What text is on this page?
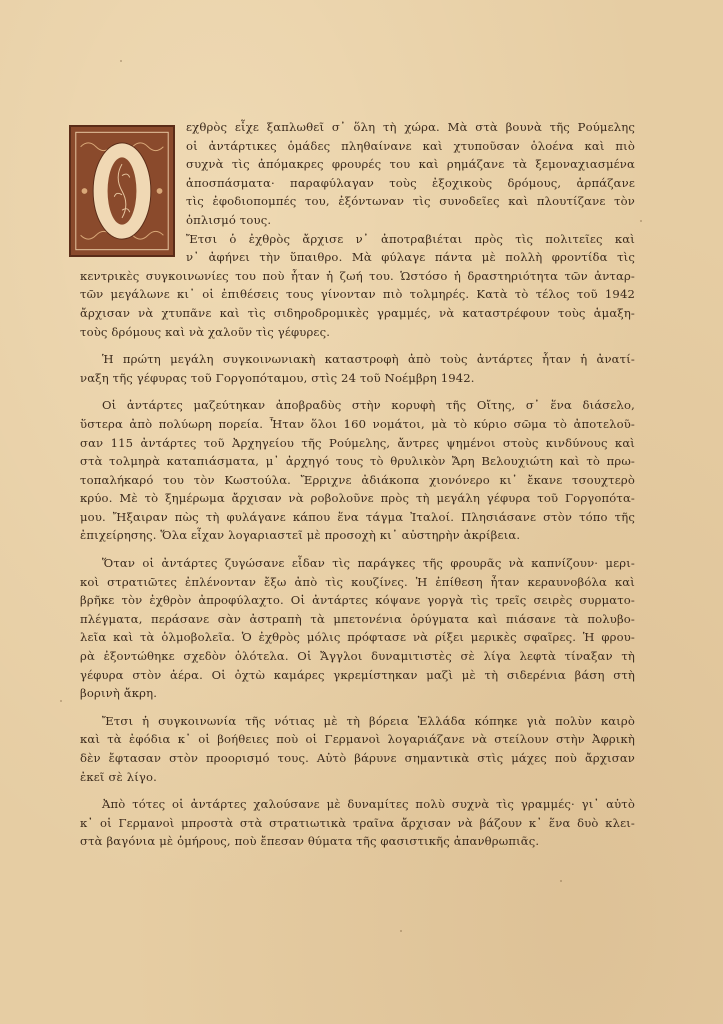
εχθρὸς εἶχε ξαπλωθεῖ σ᾽ ὅλη τὴ χώρα. Μὰ στὰ βουνὰ τῆς Ρούμελης
οἱ ἀντάρτικες ὁμάδες πληθαίνανε καὶ χτυποῦσαν ὁλοένα καὶ πιὸ
συχνὰ τὶς ἀπόμακρες φρουρές του καὶ ρημάζανε τὰ ξεμοναχιασμένα
ἀποσπάσματα· παραφύλαγαν τοὺς ἐξοχικοὺς δρόμους, ἁρπάζανε
τὶς ἐφοδιοπομπές του, ἐξόντωναν τὶς συνοδεῖες καὶ πλουτίζανε τὸν
ὁπλισμό τους.
Ἔτσι ὁ ἐχθρὸς ἄρχισε ν᾽ ἀποτραβιέται πρὸς τὶς πολιτεῖες καὶ
ν᾽ ἀφήνει τὴν ὕπαιθρο. Μὰ φύλαγε πάντα μὲ πολλὴ φροντίδα τὶς
κεντρικὲς συγκοινωνίες του ποὺ ἦταν ἡ ζωή του. Ὡστόσο ἡ δραστηριότητα τῶν ἀνταρ-
τῶν μεγάλωνε κι᾽ οἱ ἐπιθέσεις τους γίνονταν πιὸ τολμηρές. Κατὰ τὸ τέλος τοῦ 1942
ἄρχισαν νὰ χτυπᾶνε καὶ τὶς σιδηροδρομικὲς γραμμές, νὰ καταστρέφουν τοὺς ἁμαξη-
τοὺς δρόμους καὶ νὰ χαλοῦν τὶς γέφυρες.
Ἡ πρώτη μεγάλη συγκοινωνιακὴ καταστροφὴ ἀπὸ τοὺς ἀντάρτες ἦταν ἡ ἀνατί-
ναξη τῆς γέφυρας τοῦ Γοργοπόταμου, στὶς 24 τοῦ Νοέμβρη 1942.
Οἱ ἀντάρτες μαζεύτηκαν ἀποβραδὺς στὴν κορυφὴ τῆς Οἴτης, σ᾽ ἕνα διάσελο,
ὕστερα ἀπὸ πολύωρη πορεία. Ἦταν ὅλοι 160 νομάτοι, μὰ τὸ κύριο σῶμα τὸ ἀποτελοῦ-
σαν 115 ἀντάρτες τοῦ Ἀρχηγείου τῆς Ρούμελης, ἄντρες ψημένοι στοὺς κινδύνους καὶ
στὰ τολμηρὰ καταπιάσματα, μ᾽ ἀρχηγό τους τὸ θρυλικὸν Ἄρη Βελουχιώτη καὶ τὸ πρω-
τοπαλήκαρό του τὸν Κωστούλα. Ἔρριχνε ἀδιάκοπα χιονόνερο κι᾽ ἔκανε τσουχτερὸ
κρύο. Μὲ τὸ ξημέρωμα ἄρχισαν νὰ ροβολοῦνε πρὸς τὴ μεγάλη γέφυρα τοῦ Γοργοπότα-
μου. Ἤξαιραν πὼς τὴ φυλάγανε κάπου ἕνα τάγμα Ἰταλοί. Πλησιάσανε στὸν τόπο τῆς
ἐπιχείρησης. Ὅλα εἶχαν λογαριαστεῖ μὲ προσοχὴ κι᾽ αὐστηρὴν ἀκρίβεια.
Ὅταν οἱ ἀντάρτες ζυγώσανε εἶδαν τὶς παράγκες τῆς φρουρᾶς νὰ καπνίζουν· μερι-
κοὶ στρατιῶτες ἐπλένονταν ἔξω ἀπὸ τὶς κουζίνες. Ἡ ἐπίθεση ἦταν κεραυνοβόλα καὶ
βρῆκε τὸν ἐχθρὸν ἀπροφύλαχτο. Οἱ ἀντάρτες κόψανε γοργὰ τὶς τρεῖς σειρὲς συρματο-
πλέγματα, περάσανε σὰν ἀστραπὴ τὰ μπετονένια ὀρύγματα καὶ πιάσανε τὰ πολυβο-
λεῖα καὶ τὰ ὁλμοβολεῖα. Ὁ ἐχθρὸς μόλις πρόφτασε νὰ ρίξει μερικὲς σφαῖρες. Ἡ φρου-
ρὰ ἐξοντώθηκε σχεδὸν ὁλότελα. Οἱ Ἄγγλοι δυναμιτιστὲς σὲ λίγα λεφτὰ τίναξαν τὴ
γέφυρα στὸν ἀέρα. Οἱ ὀχτὼ καμάρες γκρεμίστηκαν μαζὶ μὲ τὴ σιδερένια βάση στὴ
βορινὴ ἄκρη.
Ἔτσι ἡ συγκοινωνία τῆς νότιας μὲ τὴ βόρεια Ἑλλάδα κόπηκε γιὰ πολὺν καιρὸ
καὶ τὰ ἐφόδια κ᾽ οἱ βοήθειες ποὺ οἱ Γερμανοὶ λογαριάζανε νὰ στείλουν στὴν Ἀφρικὴ
δὲν ἔφτασαν στὸν προορισμό τους. Αὐτὸ βάρυνε σημαντικὰ στὶς μάχες ποὺ ἄρχισαν
ἐκεῖ σὲ λίγο.
Ἀπὸ τότες οἱ ἀντάρτες χαλούσανε μὲ δυναμίτες πολὺ συχνὰ τὶς γραμμές· γι᾽ αὐτὸ
κ᾽ οἱ Γερμανοὶ μπροστὰ στὰ στρατιωτικὰ τραῖνα ἄρχισαν νὰ βάζουν κ᾽ ἕνα δυὸ κλει-
στὰ βαγόνια μὲ ὁμήρους, ποὺ ἔπεσαν θύματα τῆς φασιστικῆς ἀπανθρωπιᾶς.
